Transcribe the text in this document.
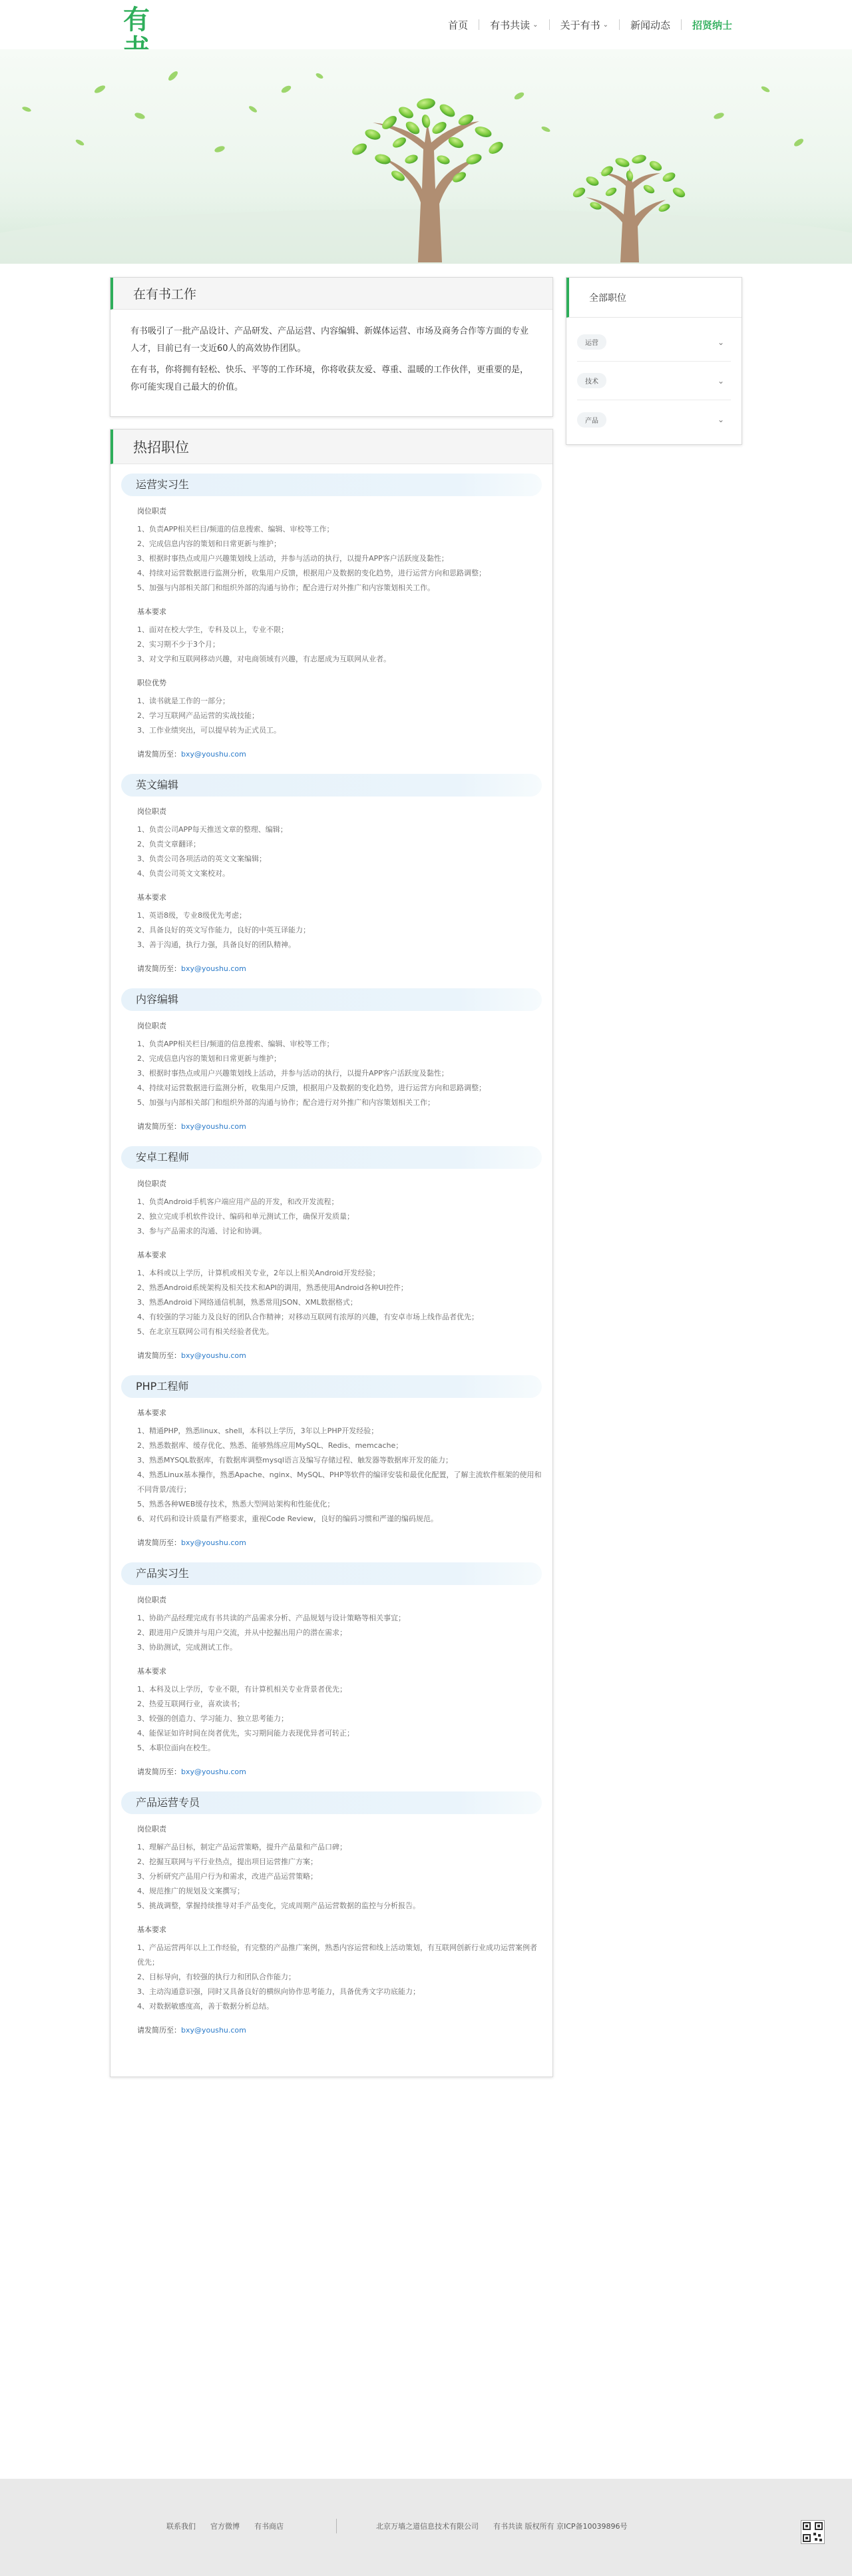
有	首页 有书共读 ⌄ 关于有书 ⌄ 新闻动态 招贤纳士
在有书工作

有书吸引了一批产品设计、产品研发、产品运营、内容编辑、新媒体运营、市场及商务合作等方面的专业人才，目前已有一支近60人的高效协作团队。

在有书，你将拥有轻松、快乐、平等的工作环境，你将收获友爱、尊重、温暖的工作伙伴，更重要的是，你可能实现自己最大的价值。

热招职位
运营实习生
岗位职责
1、负责APP相关栏目/频道的信息搜索、编辑、审校等工作；
2、完成信息内容的策划和日常更新与维护；
3、根据时事热点或用户兴趣策划线上活动，并参与活动的执行，以提升APP客户活跃度及黏性；
4、持续对运营数据进行监测分析，收集用户反馈，根据用户及数据的变化趋势，进行运营方向和思路调整；
5、加强与内部相关部门和组织外部的沟通与协作；配合进行对外推广和内容策划相关工作。
基本要求
1、面对在校大学生，专科及以上，专业不限；
2、实习期不少于3个月；
3、对文学和互联网移动兴趣，对电商领域有兴趣，有志愿成为互联网从业者。
职位优势
1、读书就是工作的一部分；
2、学习互联网产品运营的实战技能；
3、工作业绩突出，可以提早转为正式员工。
请发简历至：bxy@youshu.com
英文编辑
岗位职责
1、负责公司APP每天推送文章的整理、编辑；
2、负责文章翻译；
3、负责公司各项活动的英文文案编辑；
4、负责公司英文文案校对。
基本要求
1、英语8级，专业8级优先考虑；
2、具备良好的英文写作能力，良好的中英互译能力；
3、善于沟通，执行力强，具备良好的团队精神。
请发简历至：bxy@youshu.com
内容编辑
岗位职责
1、负责APP相关栏目/频道的信息搜索、编辑、审校等工作；
2、完成信息内容的策划和日常更新与维护；
3、根据时事热点或用户兴趣策划线上活动，并参与活动的执行，以提升APP客户活跃度及黏性；
4、持续对运营数据进行监测分析，收集用户反馈，根据用户及数据的变化趋势，进行运营方向和思路调整；
5、加强与内部相关部门和组织外部的沟通与协作；配合进行对外推广和内容策划相关工作；
请发简历至：bxy@youshu.com
安卓工程师
岗位职责
1、负责Android手机客户端应用产品的开发，和改开发流程；
2、独立完成手机软件设计、编码和单元测试工作，确保开发质量；
3、参与产品需求的沟通、讨论和协调。
基本要求
1、本科或以上学历，计算机或相关专业，2年以上相关Android开发经验；
2、熟悉Android系统架构及相关技术和API的调用，熟悉使用Android各种UI控件；
3、熟悉Android下网络通信机制，熟悉常用JSON、XML数据格式；
4、有较强的学习能力及良好的团队合作精神；对移动互联网有浓厚的兴趣，有安卓市场上线作品者优先；
5、在北京互联网公司有相关经验者优先。
请发简历至：bxy@youshu.com
PHP工程师
基本要求
1、精通PHP，熟悉linux、shell，本科以上学历，3年以上PHP开发经验；
2、熟悉数据库、缓存优化、熟悉、能够熟练应用MySQL、Redis、memcache；
3、熟悉MYSQL数据库，有数据库调整mysql语言及编写存储过程、触发器等数据库开发的能力；
4、熟悉Linux基本操作，熟悉Apache、nginx、MySQL、PHP等软件的编译安装和最优化配置，了解主流软件框架的使用和不同背景/流行；
5、熟悉各种WEB缓存技术，熟悉大型网站架构和性能优化；
6、对代码和设计质量有严格要求，重视Code Review，良好的编码习惯和严谨的编码规范。
请发简历至：bxy@youshu.com
产品实习生
岗位职责
1、协助产品经理完成有书共读的产品需求分析、产品规划与设计策略等相关事宜；
2、跟进用户反馈并与用户交流，并从中挖掘出用户的潜在需求；
3、协助测试，完成测试工作。
基本要求
1、本科及以上学历，专业不限，有计算机相关专业背景者优先；
2、热爱互联网行业，喜欢读书；
3、较强的创造力、学习能力、独立思考能力；
4、能保证如许时间在岗者优先，实习期间能力表现优异者可转正；
5、本职位面向在校生。
请发简历至：bxy@youshu.com
产品运营专员
岗位职责
1、理解产品目标，制定产品运营策略，提升产品量和产品口碑；
2、挖掘互联网与平行业热点，提出项目运营推广方案；
3、分析研究产品用户行为和需求，改进产品运营策略；
4、规范推广的规划及文案撰写；
5、挑战调整，掌握持续推导对手产品变化，完成周期产品运营数据的监控与分析报告。
基本要求
1、产品运营两年以上工作经验，有完整的产品推广案例，熟悉内容运营和线上活动策划，有互联网创新行业成功运营案例者优先；
2、目标导向，有较强的执行力和团队合作能力；
3、主动沟通意识强，同时又具备良好的横纵向协作思考能力，具备优秀文字功底能力；
4、对数据敏感度高，善于数据分析总结。
请发简历至：bxy@youshu.com
全部职位
运营	⌄
技术	⌄
产品	⌄
联系我们 官方微博 有书商店	北京万墙之道信息技术有限公司 有书共读 版权所有 京ICP备10039896号
